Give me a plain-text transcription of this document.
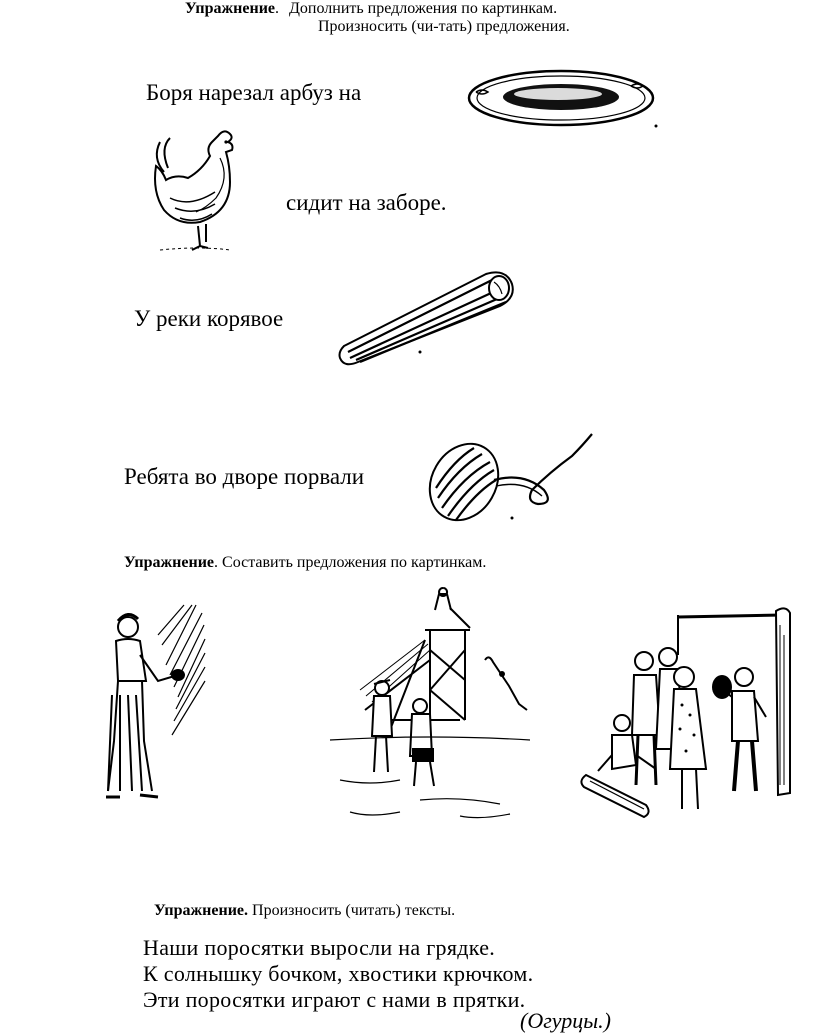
Упражнение. Дополнить предложения по картинкам.
Произносить (чи-тать) предложения.
Боря нарезал арбуз на
сидит на заборе.
У реки корявое
Ребята во дворе порвали
Упражнение. Составить предложения по картинкам.
Упражнение. Произносить (читать) тексты.
Наши поросятки выросли на грядке.
К солнышку бочком, хвостики крючком.
Эти поросятки играют с нами в прятки.
(Огурцы.)
